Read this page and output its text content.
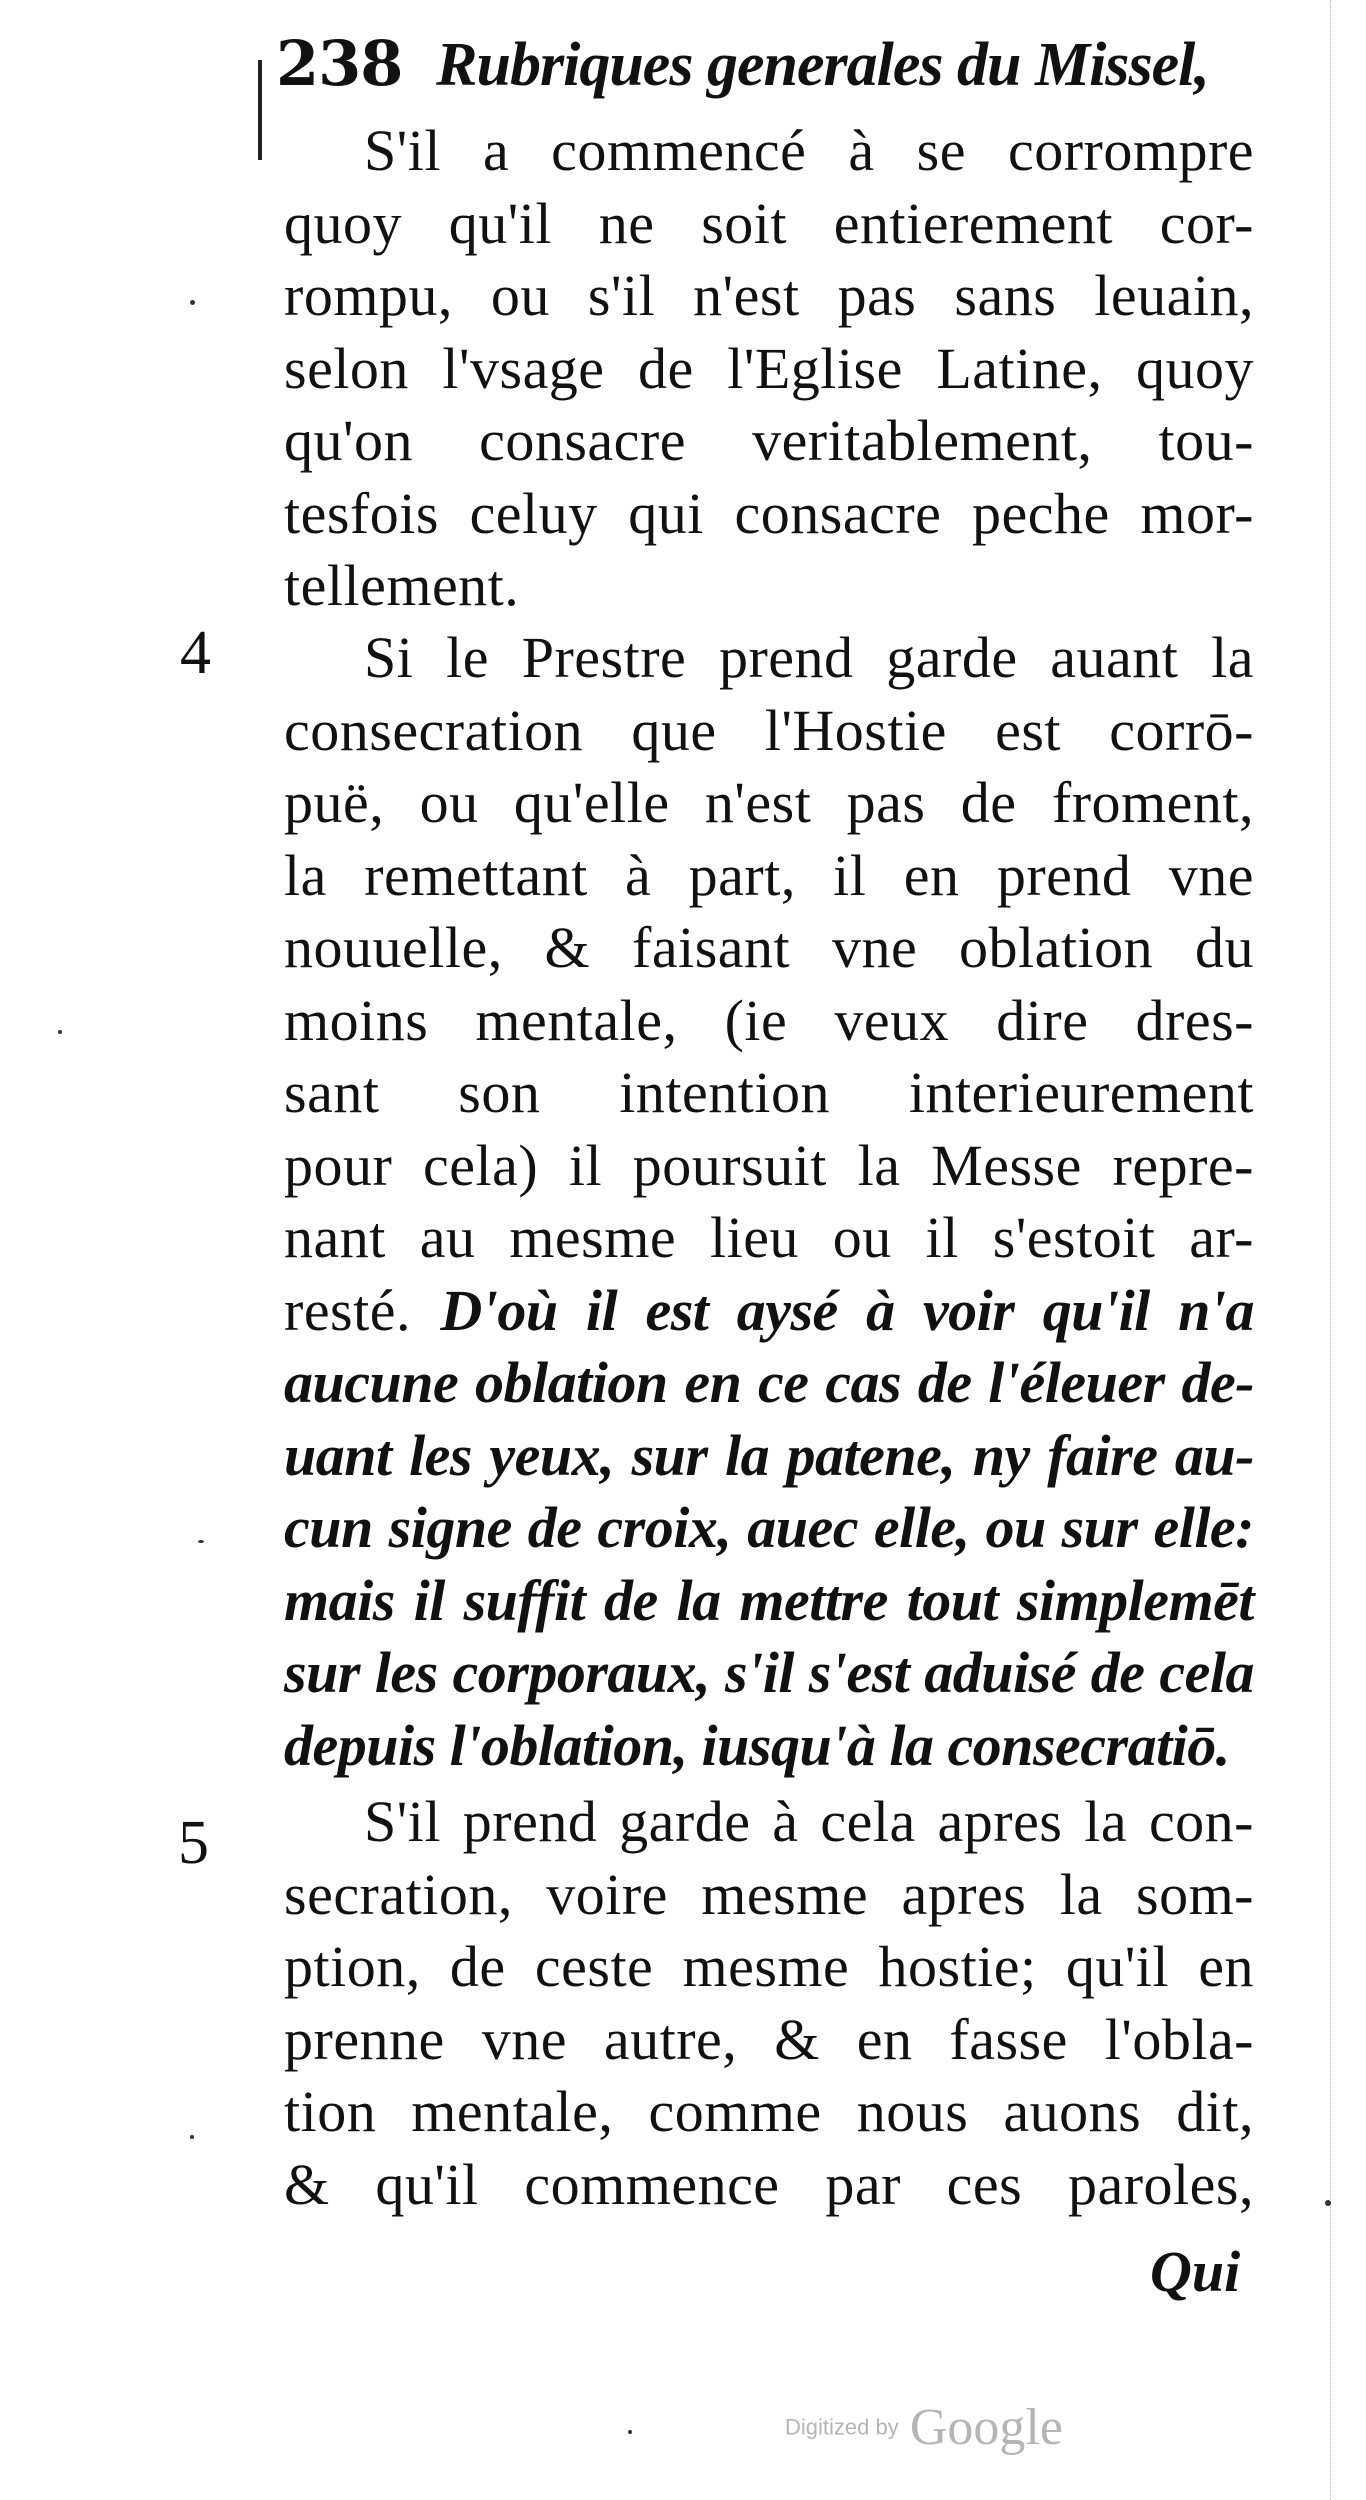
238 Rubriques generales du Missel,
S'il a commencé à se corrompre
quoy qu'il ne soit entierement cor-
rompu, ou s'il n'est pas sans leuain,
selon l'vsage de l'Eglise Latine, quoy
qu'on consacre veritablement, tou-
tesfois celuy qui consacre peche mor-
tellement.
4	Si le Prestre prend garde auant la
consecration que l'Hostie est corrō-
puë, ou qu'elle n'est pas de froment,
la remettant à part, il en prend vne
nouuelle, & faisant vne oblation du
moins mentale, (ie veux dire dres-
sant son intention interieurement
pour cela) il poursuit la Messe repre-
nant au mesme lieu ou il s'estoit ar-
resté. D'où il est aysé à voir qu'il n'a
aucune oblation en ce cas de l'éleuer de-
uant les yeux, sur la patene, ny faire au-
cun signe de croix, auec elle, ou sur elle:
mais il suffit de la mettre tout simplemēt
sur les corporaux, s'il s'est aduisé de cela
depuis l'oblation, iusqu'à la consecratiō.
5	S'il prend garde à cela apres la con-
secration, voire mesme apres la som-
ption, de ceste mesme hostie; qu'il en
prenne vne autre, & en fasse l'obla-
tion mentale, comme nous auons dit,
& qu'il commence par ces paroles,
Qui
Digitized by Google
